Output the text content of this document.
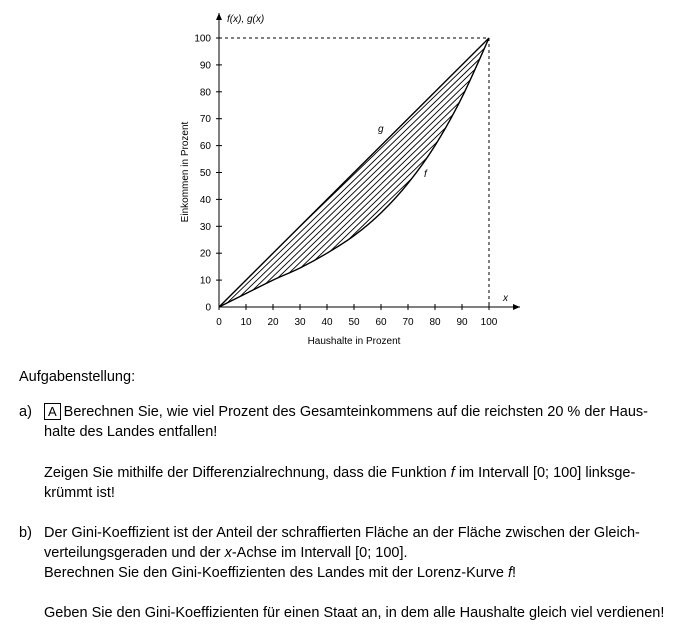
0 10 20 30 40 50 60 70 80 90 100
10
20
30
40
50
60
70
80
90
100
0
f(x), g(x)
Einkommen in Prozent
x
Haushalte in Prozent
g
f
Aufgabenstellung:
a)	A Berechnen Sie, wie viel Prozent des Gesamteinkommens auf die reichsten 20 % der Haus-
halte des Landes entfallen!
Zeigen Sie mithilfe der Differenzialrechnung, dass die Funktion f im Intervall [0; 100] linksge-
krümmt ist!
b) Der Gini-Koeffizient ist der Anteil der schraffierten Fläche an der Fläche zwischen der Gleich-
verteilungsgeraden und der x-Achse im Intervall [0; 100].
Berechnen Sie den Gini-Koeffizienten des Landes mit der Lorenz-Kurve f!
Geben Sie den Gini-Koeffizienten für einen Staat an, in dem alle Haushalte gleich viel verdienen!
